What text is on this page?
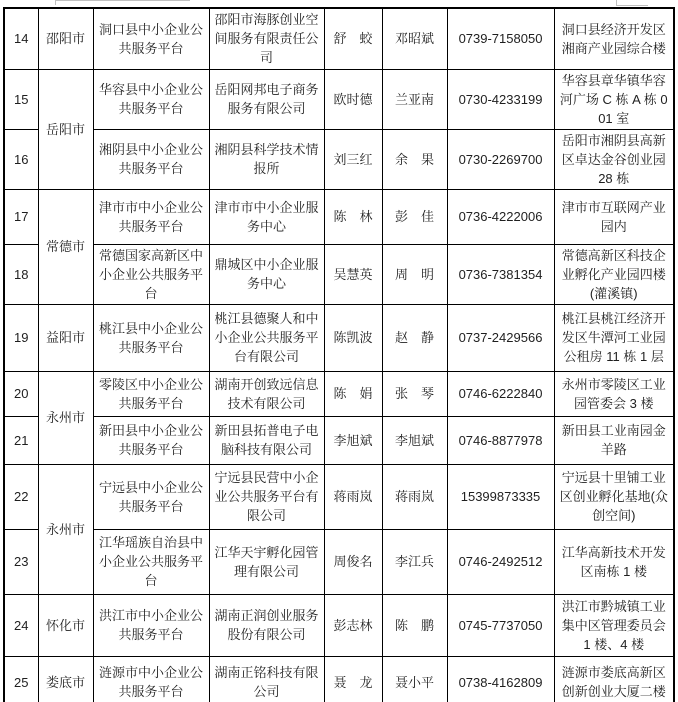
14	邵阳市	洞口县中小企业公共服务平台	邵阳市海豚创业空间服务有限责任公司	舒　蛟	邓昭斌	0739-7158050	洞口县经济开发区湘商产业园综合楼
15	岳阳市	华容县中小企业公共服务平台	岳阳网邦电子商务服务有限公司	欧时德	兰亚南	0730-4233199	华容县章华镇华容河广场 C 栋 A 栋 001 室
16		湘阴县中小企业公共服务平台	湘阴县科学技术情报所	刘三红	余　果	0730-2269700	岳阳市湘阴县高新区卓达金谷创业园 28 栋
17	常德市	津市市中小企业公共服务平台	津市市中小企业服务中心	陈　林	彭　佳	0736-4222006	津市市互联网产业园内
18		常德国家高新区中小企业公共服务平台	鼎城区中小企业服务中心	吴慧英	周　明	0736-7381354	常德高新区科技企业孵化产业园四楼(灌溪镇)
19	益阳市	桃江县中小企业公共服务平台	桃江县德聚人和中小企业公共服务平台有限公司	陈凯波	赵　静	0737-2429566	桃江县桃江经济开发区牛潭河工业园公租房 11 栋 1 层
20	永州市	零陵区中小企业公共服务平台	湖南开创致远信息技术有限公司	陈　娟	张　琴	0746-6222840	永州市零陵区工业园管委会 3 楼
21		新田县中小企业公共服务平台	新田县拓普电子电脑科技有限公司	李旭斌	李旭斌	0746-8877978	新田县工业南园金羊路
22	永州市	宁远县中小企业公共服务平台	宁远县民营中小企业公共服务平台有限公司	蒋雨岚	蒋雨岚	15399873335	宁远县十里铺工业区创业孵化基地(众创空间)
23		江华瑶族自治县中小企业公共服务平台	江华天宇孵化园管理有限公司	周俊名	李江兵	0746-2492512	江华高新技术开发区南栋 1 楼
24	怀化市	洪江市中小企业公共服务平台	湖南正润创业服务股份有限公司	彭志林	陈　鹏	0745-7737050	洪江市黔城镇工业集中区管理委员会 1 楼、4 楼
25	娄底市	涟源市中小企业公共服务平台	湖南正铭科技有限公司	聂　龙	聂小平	0738-4162809	涟源市娄底高新区创新创业大厦二楼
